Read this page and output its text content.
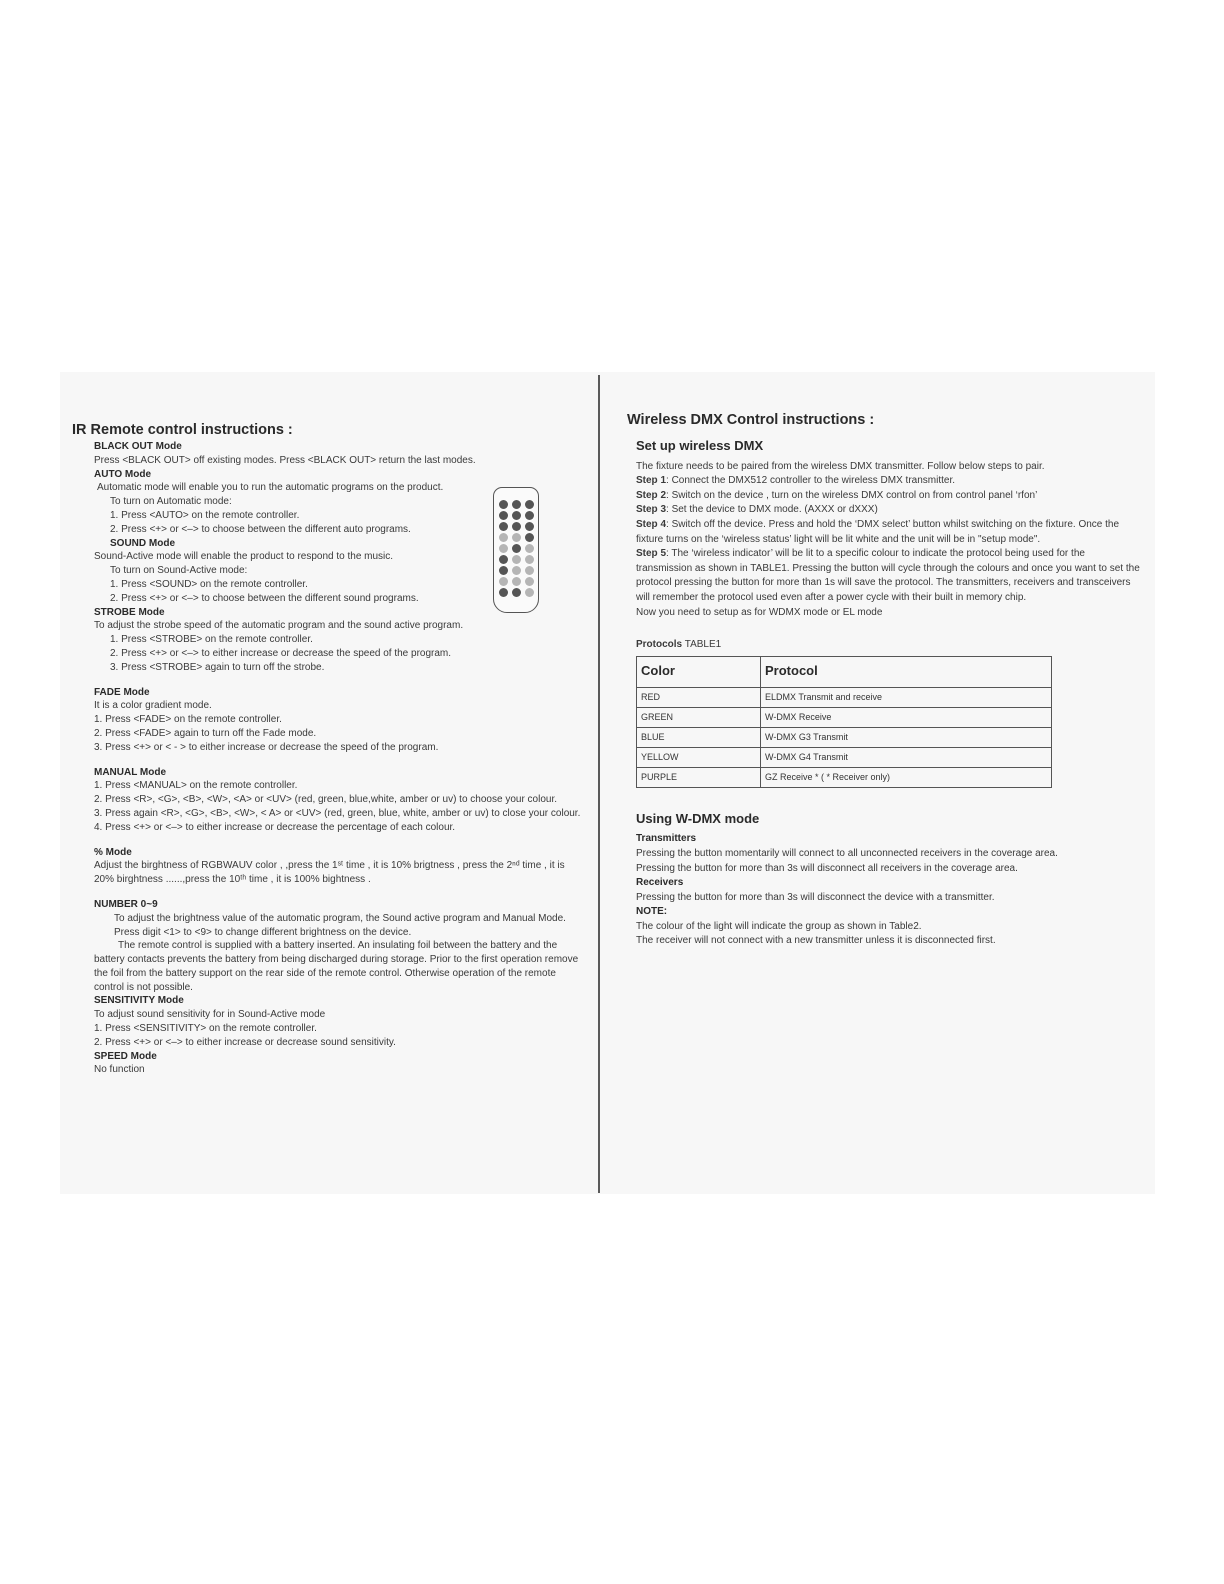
IR Remote control instructions :

BLACK OUT Mode

Press <BLACK OUT> off existing modes. Press <BLACK OUT> return the last modes.

AUTO Mode

Automatic mode will enable you to run the automatic programs on the product.

To turn on Automatic mode:

1. Press <AUTO> on the remote controller.

2. Press <+> or <–> to choose between the different auto programs.

SOUND Mode

Sound-Active mode will enable the product to respond to the music.

To turn on Sound-Active mode:

1. Press <SOUND> on the remote controller.

2. Press <+> or <–> to choose between the different sound programs.

STROBE Mode

To adjust the strobe speed of the automatic program and the sound active program.

1. Press <STROBE> on the remote controller.

2. Press <+> or <–> to either increase or decrease the speed of the program.

3. Press <STROBE> again to turn off the strobe.

FADE Mode

It is a color gradient mode.

1. Press <FADE> on the remote controller.

2. Press <FADE> again to turn off the Fade mode.

3. Press <+> or < - > to either increase or decrease the speed of the program.

MANUAL Mode

1. Press <MANUAL> on the remote controller.

2. Press <R>, <G>, <B>, <W>, <A> or <UV> (red, green, blue,white, amber or uv) to choose your colour.

3. Press again <R>, <G>, <B>, <W>, < A> or <UV> (red, green, blue, white, amber or uv) to close your colour. 4. Press <+> or <–> to either increase or decrease the percentage of each colour.

% Mode

Adjust the birghtness of RGBWAUV color , ,press the 1ˢᵗ time , it is 10% brigtness , press the 2ⁿᵈ time , it is 20% birghtness ......,press the 10ᵗʰ time , it is 100% bightness .

NUMBER 0~9

To adjust the brightness value of the automatic program, the Sound active program and Manual Mode.

Press digit <1> to <9> to change different brightness on the device.

The remote control is supplied with a battery inserted. An insulating foil between the battery and the battery contacts prevents the battery from being discharged during storage. Prior to the first operation remove the foil from the battery support on the rear side of the remote control. Otherwise operation of the remote control is not possible.

SENSITIVITY Mode

To adjust sound sensitivity for in Sound-Active mode

1. Press <SENSITIVITY> on the remote controller.

2. Press <+> or <–> to either increase or decrease sound sensitivity.

SPEED Mode

No function

Wireless DMX Control instructions :

Set up wireless DMX

The fixture needs to be paired from the wireless DMX transmitter. Follow below steps to pair.

Step 1: Connect the DMX512 controller to the wireless DMX transmitter.

Step 2: Switch on the device , turn on the wireless DMX control on from control panel ‘rfon’

Step 3: Set the device to DMX mode. (AXXX or dXXX)

Step 4: Switch off the device. Press and hold the ‘DMX select’ button whilst switching on the fixture. Once the fixture turns on the ‘wireless status’ light will be lit white and the unit will be in "setup mode".

Step 5: The ‘wireless indicator’ will be lit to a specific colour to indicate the protocol being used for the transmission as shown in TABLE1. Pressing the button will cycle through the colours and once you want to set the protocol pressing the button for more than 1s will save the protocol. The transmitters, receivers and transceivers will remember the protocol used even after a power cycle with their built in memory chip.

Now you need to setup as for WDMX mode or EL mode

Protocols TABLE1

Color	Protocol
RED	ELDMX Transmit and receive
GREEN	W-DMX Receive
BLUE	W-DMX G3 Transmit
YELLOW	W-DMX G4 Transmit
PURPLE	GZ Receive * ( * Receiver only)

Using W-DMX mode

Transmitters

Pressing the button momentarily will connect to all unconnected receivers in the coverage area.

Pressing the button for more than 3s will disconnect all receivers in the coverage area.

Receivers

Pressing the button for more than 3s will disconnect the device with a transmitter.

NOTE:

The colour of the light will indicate the group as shown in Table2.

The receiver will not connect with a new transmitter unless it is disconnected first.
